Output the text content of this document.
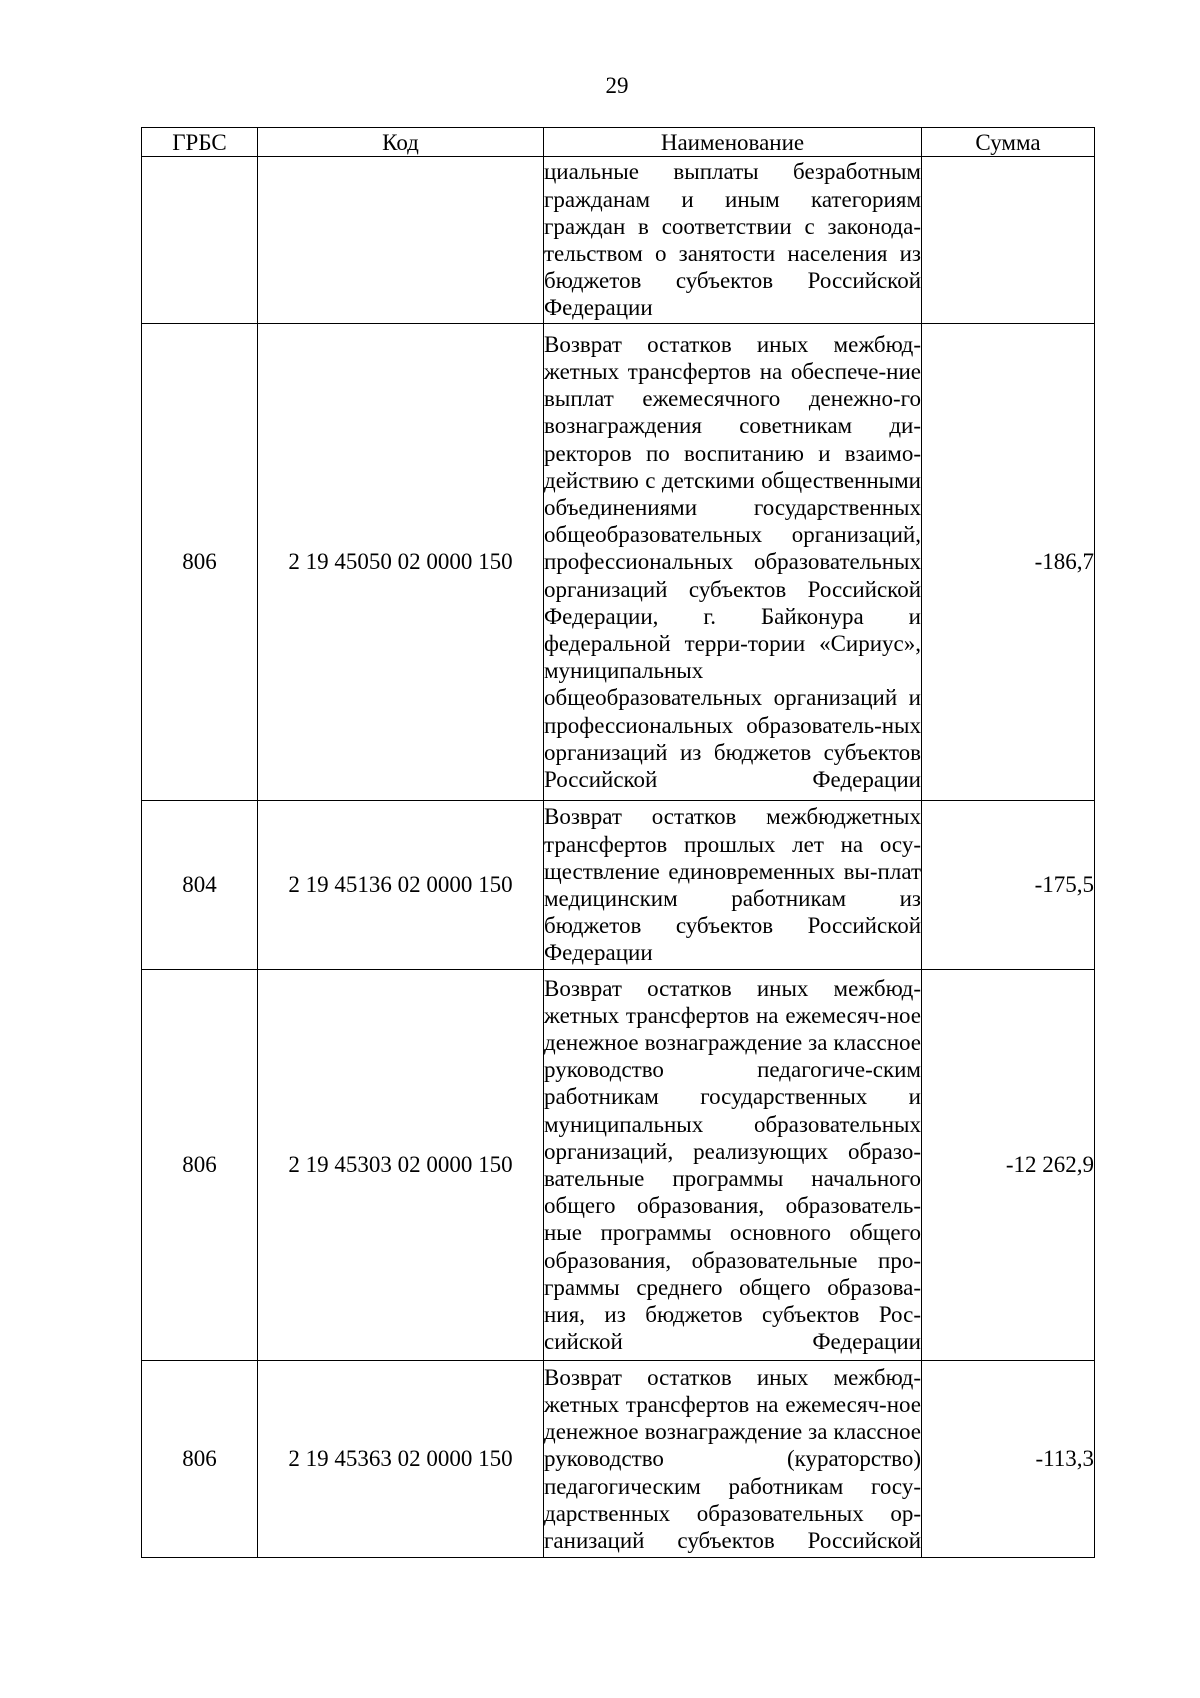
29
ГРБС	Код	Наименование	Сумма

		циальные выплаты безработным гражданам и иным категориям граждан в соответствии с законода-тельством о занятости населения из бюджетов субъектов Российской Федерации	

806	2 19 45050 02 0000 150	Возврат остатков иных межбюд-жетных трансфертов на обеспече-ние выплат ежемесячного денежно-го вознаграждения советникам ди-ректоров по воспитанию и взаимо-действию с детскими общественными объединениями государственных общеобразовательных организаций, профессиональных образовательных организаций субъектов Российской Федерации, г. Байконура и федеральной терри-тории «Сириус», муниципальных общеобразовательных организаций и профессиональных образователь-ных организаций из бюджетов субъектов Российской Федерации	-186,7
804	2 19 45136 02 0000 150	Возврат остатков межбюджетных трансфертов прошлых лет на осу-ществление единовременных вы-плат медицинским работникам из бюджетов субъектов Российской Федерации	-175,5
806	2 19 45303 02 0000 150	Возврат остатков иных межбюд-жетных трансфертов на ежемесяч-ное денежное вознаграждение за классное руководство педагогиче-ским работникам государственных и муниципальных образовательных организаций, реализующих образо-вательные программы начального общего образования, образователь-ные программы основного общего образования, образовательные про-граммы среднего общего образова-ния, из бюджетов субъектов Рос-сийской Федерации	-12 262,9
806	2 19 45363 02 0000 150	Возврат остатков иных межбюд-жетных трансфертов на ежемесяч-ное денежное вознаграждение за классное руководство (кураторство) педагогическим работникам госу-дарственных образовательных ор-ганизаций субъектов Российской	-113,3
